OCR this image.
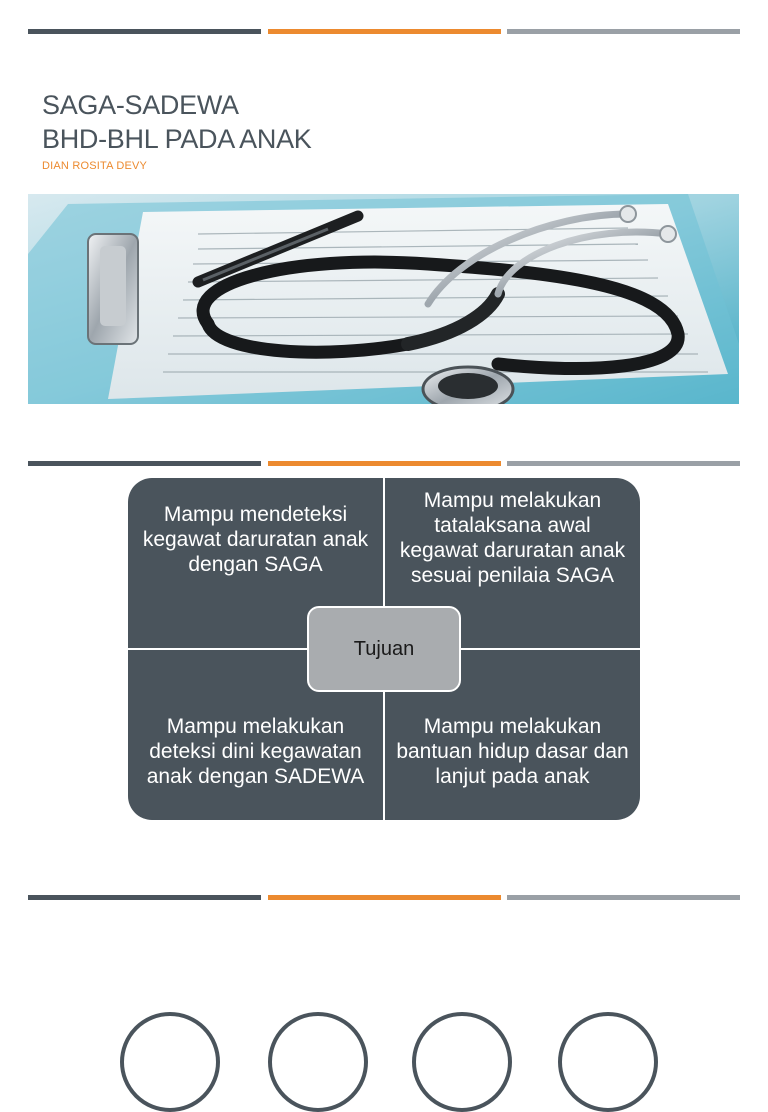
SAGA-SADEWA
BHD-BHL PADA ANAK
DIAN ROSITA DEVY
Mampu mendeteksi kegawat daruratan anak dengan SAGA
Mampu melakukan tatalaksana awal kegawat daruratan anak sesuai penilaia SAGA
Mampu melakukan deteksi dini kegawatan anak dengan SADEWA
Mampu melakukan bantuan hidup dasar dan lanjut pada anak
Tujuan
